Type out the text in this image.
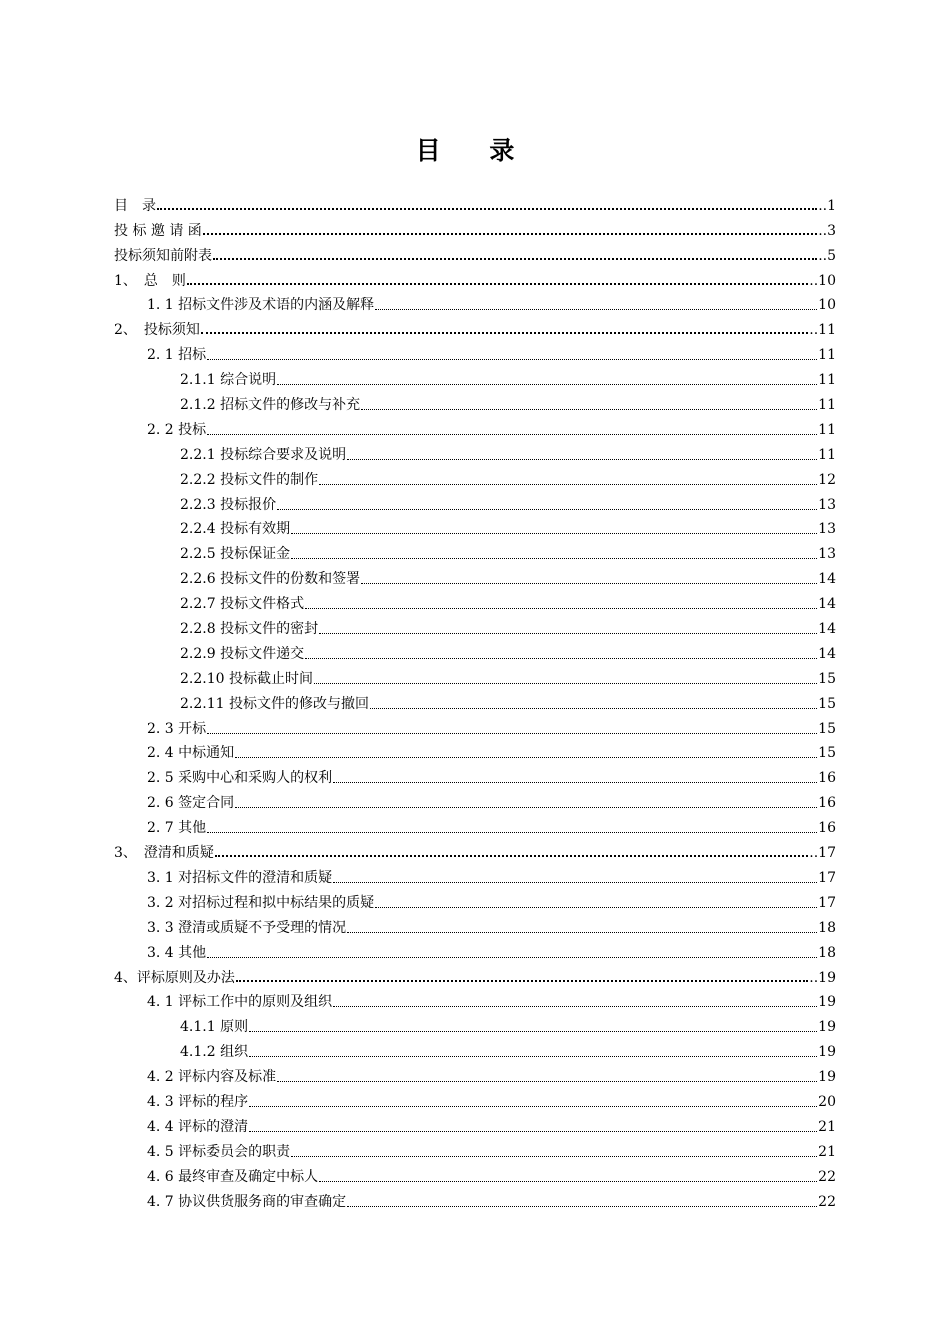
目 录
目　录	..1
投 标 邀 请 函	..3
投标须知前附表	..5
1、　总　则	..10
1. 1 招标文件涉及术语的内涵及解释	10
2、　投标须知	..11
2. 1 招标	11
2.1.1 综合说明	11
2.1.2 招标文件的修改与补充	11
2. 2 投标	11
2.2.1 投标综合要求及说明	11
2.2.2 投标文件的制作	12
2.2.3 投标报价	13
2.2.4 投标有效期	13
2.2.5 投标保证金	13
2.2.6 投标文件的份数和签署	14
2.2.7 投标文件格式	14
2.2.8 投标文件的密封	14
2.2.9 投标文件递交	14
2.2.10 投标截止时间	15
2.2.11 投标文件的修改与撤回	15
2. 3 开标	15
2. 4 中标通知	15
2. 5 采购中心和采购人的权利	16
2. 6 签定合同	16
2. 7 其他	16
3、　澄清和质疑	..17
3. 1 对招标文件的澄清和质疑	17
3. 2 对招标过程和拟中标结果的质疑	17
3. 3 澄清或质疑不予受理的情况	18
3. 4 其他	18
4、评标原则及办法	..19
4. 1 评标工作中的原则及组织	19
4.1.1 原则	19
4.1.2 组织	19
4. 2 评标内容及标准	19
4. 3 评标的程序	20
4. 4 评标的澄清	21
4. 5 评标委员会的职责	21
4. 6 最终审查及确定中标人	22
4. 7 协议供货服务商的审查确定	22
